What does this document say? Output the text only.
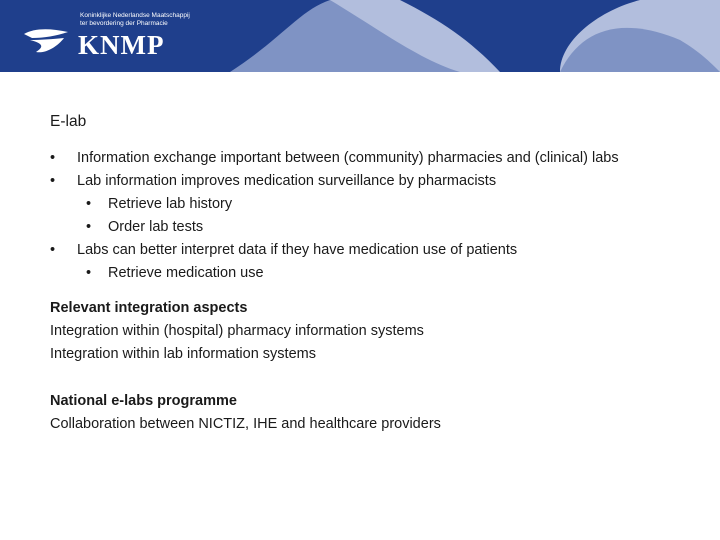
Koninklijke Nederlandse Maatschappij
ter bevordering der Pharmacie
KNMP
E-lab
• Information exchange important between (community) pharmacies and (clinical) labs
• Lab information improves medication surveillance by pharmacists
• Retrieve lab history
• Order lab tests
• Labs can better interpret data if they have medication use of patients
• Retrieve medication use
Relevant integration aspects
Integration within (hospital) pharmacy information systems
Integration within lab information systems
National e-labs programme
Collaboration between NICTIZ, IHE and healthcare providers
